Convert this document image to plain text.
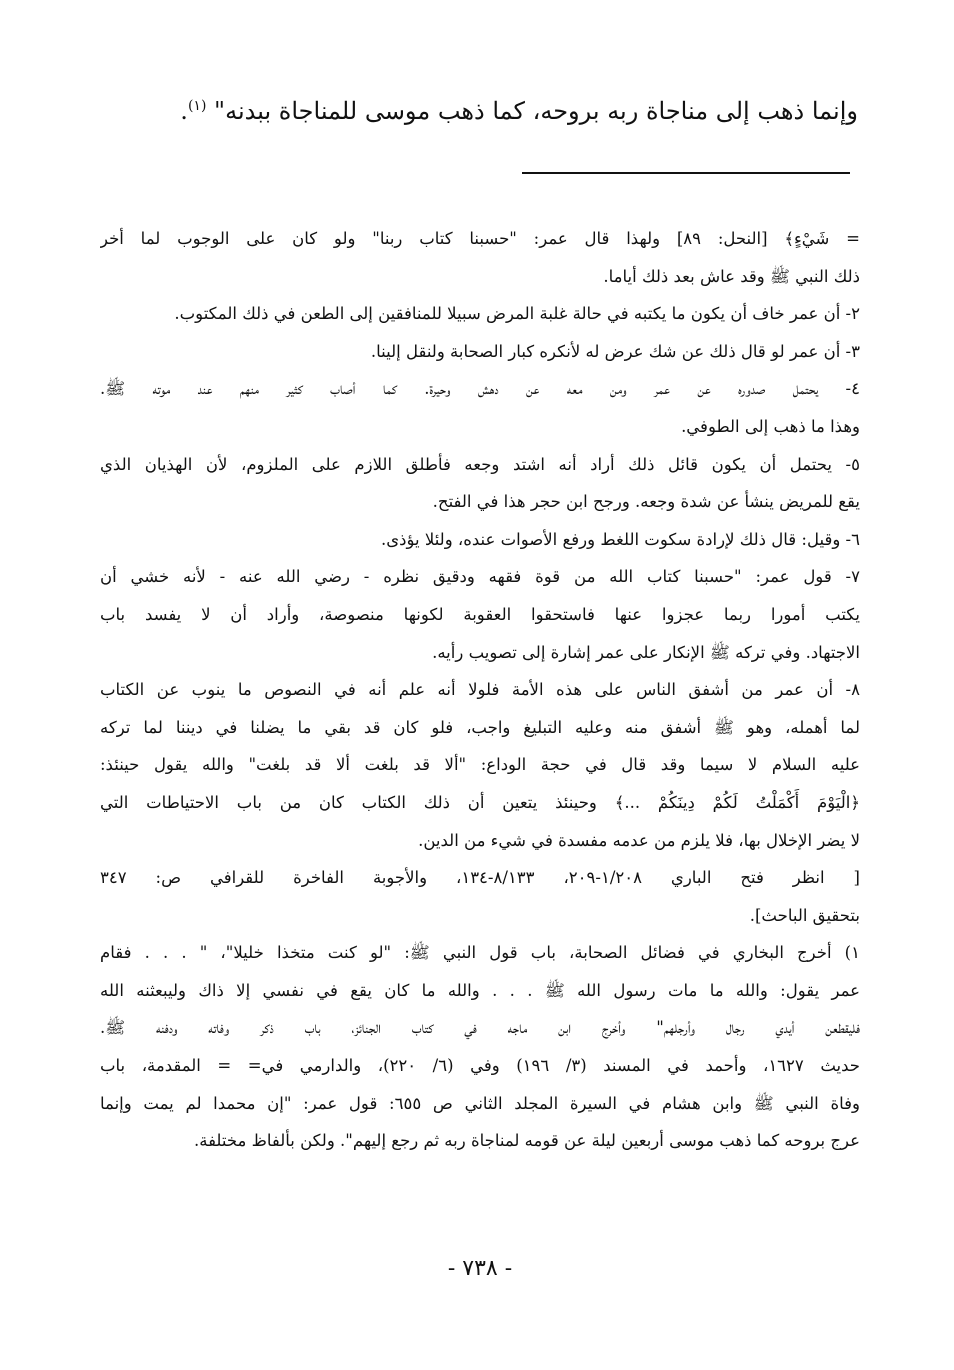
وإنما ذهب إلى مناجاة ربه بروحه، كما ذهب موسى للمناجاة ببدنه" $^{(١)}$.
= شَيْءٍ﴾ [النحل: ٨٩] ولهذا قال عمر: "حسبنا كتاب ربنا" ولو كان على الوجوب لما أخر
ذلك النبي ﷺ وقد عاش بعد ذلك أياما.
٢- أن عمر خاف أن يكون ما يكتبه في حالة غلبة المرض سبيلا للمنافقين إلى الطعن في ذلك المكتوب.
٣- أن عمر لو قال ذلك عن شك عرض له لأنكره كبار الصحابة ولنقل إلينا.
٤- يحتمل صدوره عن عمر ومن معه عن دهش وحيرة. كما أصاب كثير منهم عند موته ﷺ.
وهذا ما ذهب إلى الطوفي.
٥- يحتمل أن يكون قائل ذلك أراد أنه اشتد وجعه فأطلق اللازم على الملزوم، لأن الهذيان الذي
يقع للمريض ينشأ عن شدة وجعه. ورجح ابن حجر هذا في الفتح.
٦- وقيل: قال ذلك لإرادة سكوت اللغط ورفع الأصوات عنده، ولئلا يؤذى.
٧- قول عمر: "حسبنا كتاب الله من قوة فقهه ودقيق نظره - رضي الله عنه - لأنه خشي أن
يكتب أمورا ربما عجزوا عنها فاستحقوا العقوبة لكونها منصوصة، وأراد أن لا يفسد باب
الاجتهاد. وفي تركه ﷺ الإنكار على عمر إشارة إلى تصويب رأيه.
٨- أن عمر من أشفق الناس على هذه الأمة فلولا أنه علم أنه في النصوص ما ينوب عن الكتاب
لما أهمله، وهو ﷺ أشفق منه وعليه التبليغ واجب، فلو كان قد بقي ما يضلنا في ديننا لما تركه
عليه السلام لا سيما وقد قال في حجة الوداع: "ألا قد بلغت ألا قد بلغت" والله يقول حينئذ:
﴿الْيَوْمَ أَكْمَلْتُ لَكُمْ دِينَكُمْ ...﴾ وحينئذ يتعين أن ذلك الكتاب كان من باب الاحتياطات التي
لا يضر الإخلال بها، فلا يلزم من عدمه مفسدة في شيء من الدين.
[ انظر فتح الباري ١/٢٠٨-٢٠٩، ٨/١٣٣-١٣٤، والأجوبة الفاخرة للقرافي ص: ٣٤٧
بتحقيق الباحث].
١) أخرج البخاري في فضائل الصحابة، باب قول النبي ﷺ: "لو كنت متخذا خليلا"، " . . . فقام
عمر يقول: والله ما مات رسول الله ﷺ . . . والله ما كان يقع في نفسي إلا ذاك وليبعثنه الله
فليقطعن أيدي رجال وأرجلهم" وأخرج ابن ماجه في كتاب الجنائز، باب ذكر وفاته ودفنه ﷺ.
حديث ١٦٢٧، وأحمد في المسند (٣/ ١٩٦) وفي (٦/ ٢٢٠)، والدارمي في= = المقدمة، باب
وفاة النبي ﷺ وابن هشام في السيرة المجلد الثاني ص ٦٥٥: قول عمر: "إن محمدا لم يمت وإنما
عرج بروحه كما ذهب موسى أربعين ليلة عن قومه لمناجاة ربه ثم رجع إليهم". ولكن بألفاظ مختلفة.
- ٧٣٨ -
